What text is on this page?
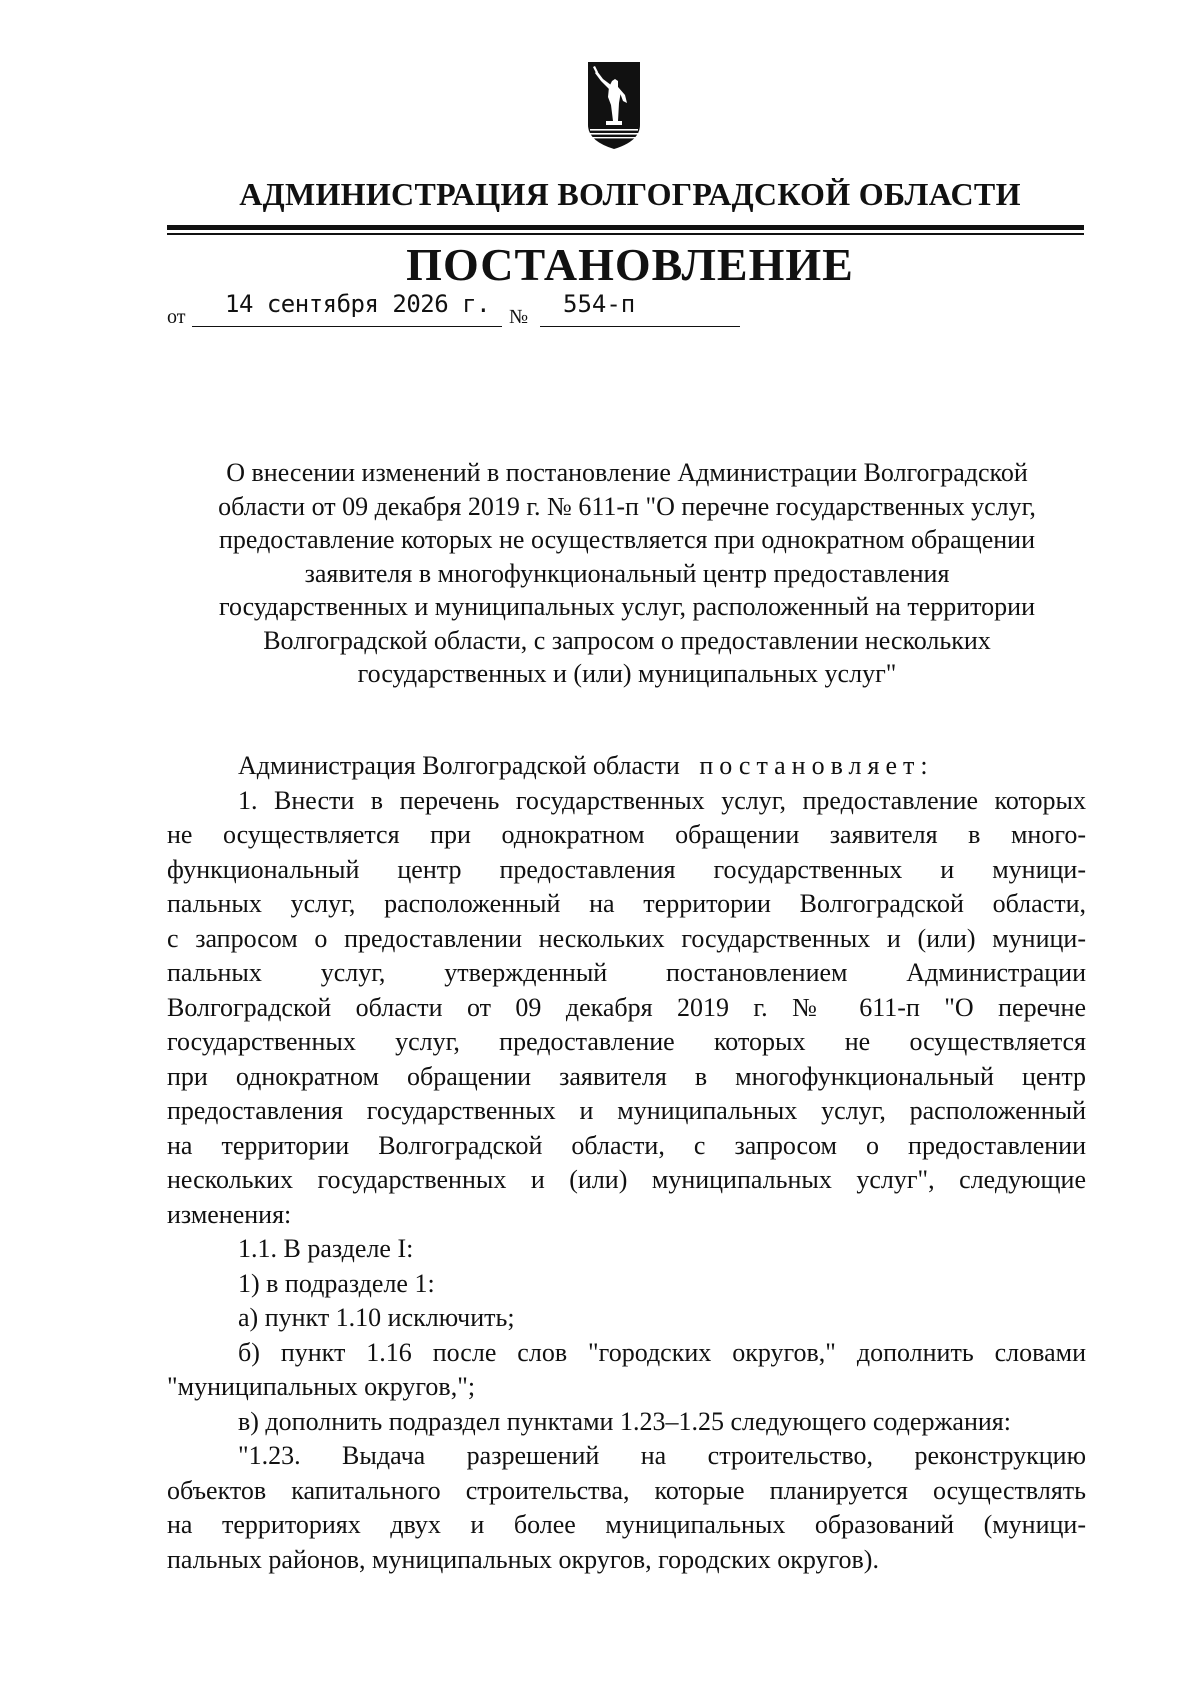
АДМИНИСТРАЦИЯ ВОЛГОГРАДСКОЙ ОБЛАСТИ
ПОСТАНОВЛЕНИЕ
от 14 сентября 2026 г. № 554-п
О внесении изменений в постановление Администрации Волгоградской
области от 09 декабря 2019 г. № 611-п "О перечне государственных услуг,
предоставление которых не осуществляется при однократном обращении
заявителя в многофункциональный центр предоставления
государственных и муниципальных услуг, расположенный на территории
Волгоградской области, с запросом о предоставлении нескольких
государственных и (или) муниципальных услуг"
Администрация Волгоградской области постановляет:
1. Внести в перечень государственных услуг, предоставление которых
не осуществляется при однократном обращении заявителя в много-
функциональный центр предоставления государственных и муници-
пальных услуг, расположенный на территории Волгоградской области,
с запросом о предоставлении нескольких государственных и (или) муници-
пальных услуг, утвержденный постановлением Администрации
Волгоградской области от 09 декабря 2019 г. № 611-п "О перечне
государственных услуг, предоставление которых не осуществляется
при однократном обращении заявителя в многофункциональный центр
предоставления государственных и муниципальных услуг, расположенный
на территории Волгоградской области, с запросом о предоставлении
нескольких государственных и (или) муниципальных услуг", следующие
изменения:
1.1. В разделе I:
1) в подразделе 1:
а) пункт 1.10 исключить;
б) пункт 1.16 после слов "городских округов," дополнить словами
"муниципальных округов,";
в) дополнить подраздел пунктами 1.23–1.25 следующего содержания:
"1.23. Выдача разрешений на строительство, реконструкцию
объектов капитального строительства, которые планируется осуществлять
на территориях двух и более муниципальных образований (муници-
пальных районов, муниципальных округов, городских округов).
